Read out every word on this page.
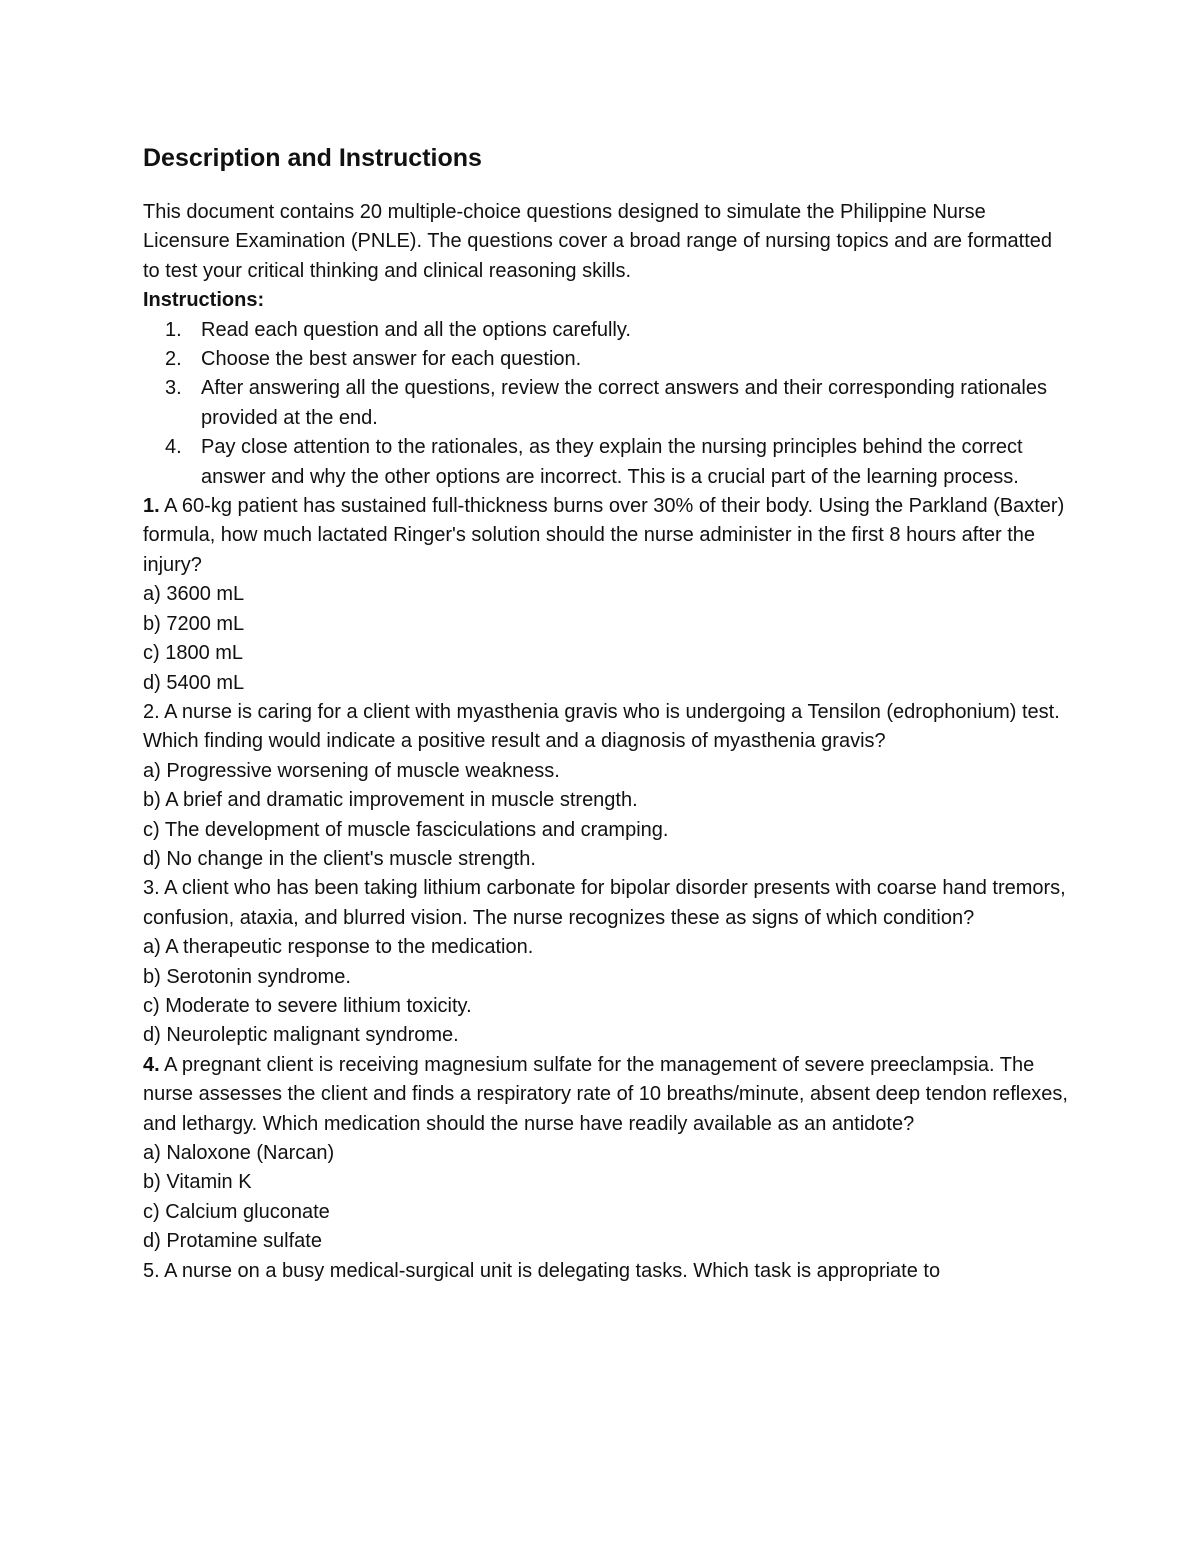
Description and Instructions

This document contains 20 multiple-choice questions designed to simulate the Philippine Nurse Licensure Examination (PNLE). The questions cover a broad range of nursing topics and are formatted to test your critical thinking and clinical reasoning skills.

Instructions:
1. Read each question and all the options carefully.
2. Choose the best answer for each question.
3. After answering all the questions, review the correct answers and their corresponding rationales provided at the end.
4. Pay close attention to the rationales, as they explain the nursing principles behind the correct answer and why the other options are incorrect. This is a crucial part of the learning process.

1. A 60-kg patient has sustained full-thickness burns over 30% of their body. Using the Parkland (Baxter) formula, how much lactated Ringer's solution should the nurse administer in the first 8 hours after the injury?

a) 3600 mL
b) 7200 mL
c) 1800 mL
d) 5400 mL

2. A nurse is caring for a client with myasthenia gravis who is undergoing a Tensilon (edrophonium) test. Which finding would indicate a positive result and a diagnosis of myasthenia gravis?

a) Progressive worsening of muscle weakness.
b) A brief and dramatic improvement in muscle strength.
c) The development of muscle fasciculations and cramping.
d) No change in the client's muscle strength.

3. A client who has been taking lithium carbonate for bipolar disorder presents with coarse hand tremors, confusion, ataxia, and blurred vision. The nurse recognizes these as signs of which condition?

a) A therapeutic response to the medication.
b) Serotonin syndrome.
c) Moderate to severe lithium toxicity.
d) Neuroleptic malignant syndrome.

4. A pregnant client is receiving magnesium sulfate for the management of severe preeclampsia. The nurse assesses the client and finds a respiratory rate of 10 breaths/minute, absent deep tendon reflexes, and lethargy. Which medication should the nurse have readily available as an antidote?

a) Naloxone (Narcan)
b) Vitamin K
c) Calcium gluconate
d) Protamine sulfate

5. A nurse on a busy medical-surgical unit is delegating tasks. Which task is appropriate to
